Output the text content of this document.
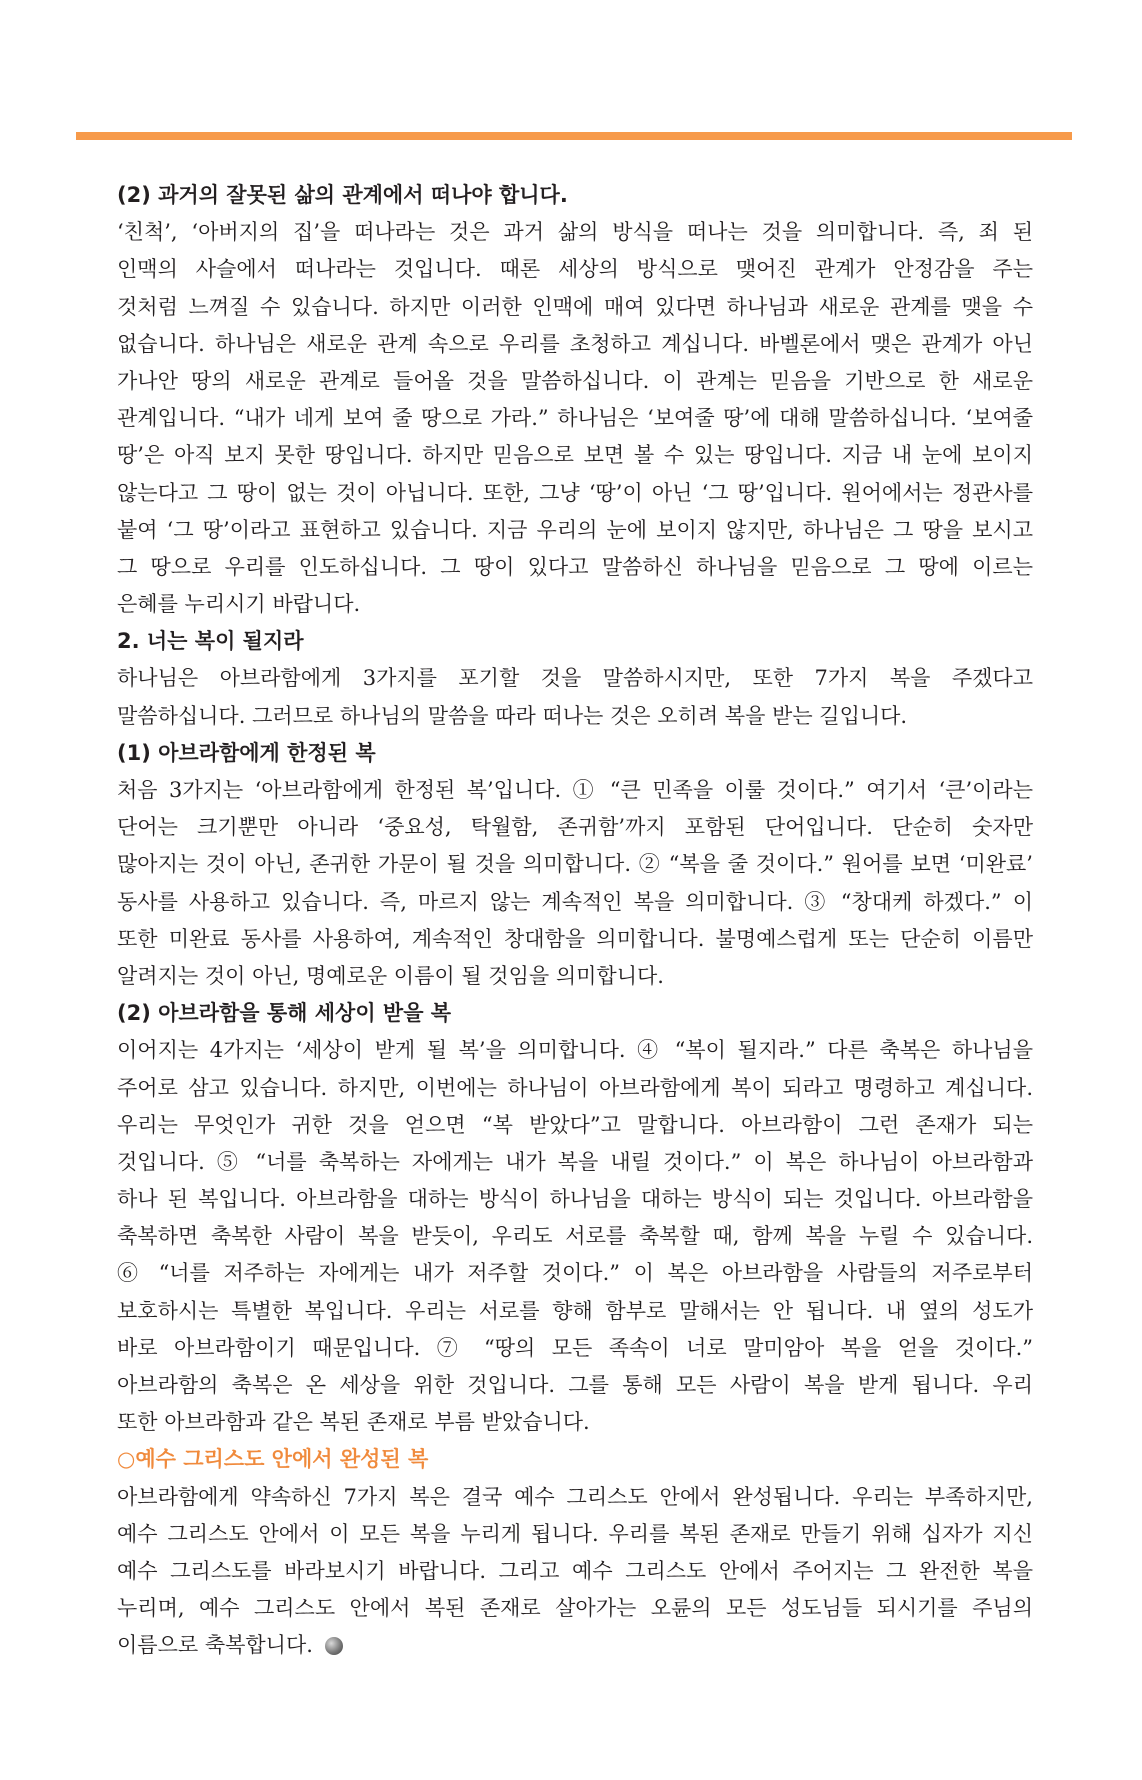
(2) 과거의 잘못된 삶의 관계에서 떠나야 합니다.
‘친척’, ‘아버지의 집’을 떠나라는 것은 과거 삶의 방식을 떠나는 것을 의미합니다. 즉, 죄 된
인맥의 사슬에서 떠나라는 것입니다. 때론 세상의 방식으로 맺어진 관계가 안정감을 주는
것처럼 느껴질 수 있습니다. 하지만 이러한 인맥에 매여 있다면 하나님과 새로운 관계를 맺을 수
없습니다. 하나님은 새로운 관계 속으로 우리를 초청하고 계십니다. 바벨론에서 맺은 관계가 아닌
가나안 땅의 새로운 관계로 들어올 것을 말씀하십니다. 이 관계는 믿음을 기반으로 한 새로운
관계입니다. “내가 네게 보여 줄 땅으로 가라.” 하나님은 ‘보여줄 땅’에 대해 말씀하십니다. ‘보여줄
땅’은 아직 보지 못한 땅입니다. 하지만 믿음으로 보면 볼 수 있는 땅입니다. 지금 내 눈에 보이지
않는다고 그 땅이 없는 것이 아닙니다. 또한, 그냥 ‘땅’이 아닌 ‘그 땅’입니다. 원어에서는 정관사를
붙여 ‘그 땅’이라고 표현하고 있습니다. 지금 우리의 눈에 보이지 않지만, 하나님은 그 땅을 보시고
그 땅으로 우리를 인도하십니다. 그 땅이 있다고 말씀하신 하나님을 믿음으로 그 땅에 이르는
은혜를 누리시기 바랍니다.
2. 너는 복이 될지라
하나님은 아브라함에게 3가지를 포기할 것을 말씀하시지만, 또한 7가지 복을 주겠다고
말씀하십니다. 그러므로 하나님의 말씀을 따라 떠나는 것은 오히려 복을 받는 길입니다.
(1) 아브라함에게 한정된 복
처음 3가지는 ‘아브라함에게 한정된 복’입니다. ① “큰 민족을 이룰 것이다.” 여기서 ‘큰’이라는
단어는 크기뿐만 아니라 ‘중요성, 탁월함, 존귀함’까지 포함된 단어입니다. 단순히 숫자만
많아지는 것이 아닌, 존귀한 가문이 될 것을 의미합니다. ② “복을 줄 것이다.” 원어를 보면 ‘미완료’
동사를 사용하고 있습니다. 즉, 마르지 않는 계속적인 복을 의미합니다. ③ “창대케 하겠다.” 이
또한 미완료 동사를 사용하여, 계속적인 창대함을 의미합니다. 불명예스럽게 또는 단순히 이름만
알려지는 것이 아닌, 명예로운 이름이 될 것임을 의미합니다.
(2) 아브라함을 통해 세상이 받을 복
이어지는 4가지는 ‘세상이 받게 될 복’을 의미합니다. ④ “복이 될지라.” 다른 축복은 하나님을
주어로 삼고 있습니다. 하지만, 이번에는 하나님이 아브라함에게 복이 되라고 명령하고 계십니다.
우리는 무엇인가 귀한 것을 얻으면 “복 받았다”고 말합니다. 아브라함이 그런 존재가 되는
것입니다. ⑤ “너를 축복하는 자에게는 내가 복을 내릴 것이다.” 이 복은 하나님이 아브라함과
하나 된 복입니다. 아브라함을 대하는 방식이 하나님을 대하는 방식이 되는 것입니다. 아브라함을
축복하면 축복한 사람이 복을 받듯이, 우리도 서로를 축복할 때, 함께 복을 누릴 수 있습니다.
⑥ “너를 저주하는 자에게는 내가 저주할 것이다.” 이 복은 아브라함을 사람들의 저주로부터
보호하시는 특별한 복입니다. 우리는 서로를 향해 함부로 말해서는 안 됩니다. 내 옆의 성도가
바로 아브라함이기 때문입니다. ⑦ “땅의 모든 족속이 너로 말미암아 복을 얻을 것이다.”
아브라함의 축복은 온 세상을 위한 것입니다. 그를 통해 모든 사람이 복을 받게 됩니다. 우리
또한 아브라함과 같은 복된 존재로 부름 받았습니다.
○예수 그리스도 안에서 완성된 복
아브라함에게 약속하신 7가지 복은 결국 예수 그리스도 안에서 완성됩니다. 우리는 부족하지만,
예수 그리스도 안에서 이 모든 복을 누리게 됩니다. 우리를 복된 존재로 만들기 위해 십자가 지신
예수 그리스도를 바라보시기 바랍니다. 그리고 예수 그리스도 안에서 주어지는 그 완전한 복을
누리며, 예수 그리스도 안에서 복된 존재로 살아가는 오륜의 모든 성도님들 되시기를 주님의
이름으로 축복합니다.
